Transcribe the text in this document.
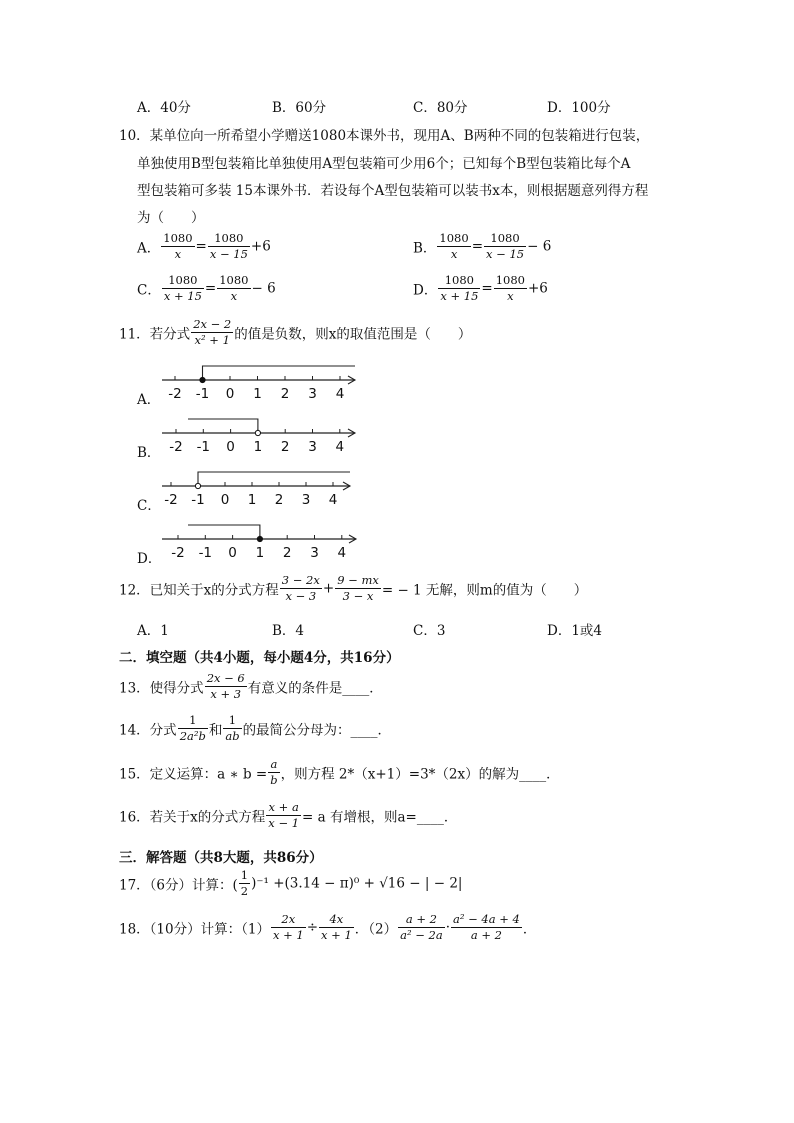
A．40分	B．60分	C．80分	D．100分
10．某单位向一所希望小学赠送1080本课外书，现用A、B两种不同的包装箱进行包装，
单独使用B型包装箱比单独使用A型包装箱可少用6个；已知每个B型包装箱比每个A
型包装箱可多装 15本课外书．若设每个A型包装箱可以装书x本，则根据题意列得方程
为（　　）
A． $\frac{1080}{x} = \frac{1080}{x - 15} +6$	B． $\frac{1080}{x} = \frac{1080}{x - 15} - 6$
C． $\frac{1080}{x + 15} = \frac{1080}{x} - 6$	D． $\frac{1080}{x + 15} = \frac{1080}{x} +6$
11．若分式 $\frac{2x - 2}{\text{x² + 1}}$ 的值是负数，则x的取值范围是（　　）
A．
B．
C．
D．
-2 -1 0 1 2 3 4
-2 -1 0 1 2 3 4
-2 -1 0 1 2 3 4
-2 -1 0 1 2 3 4
12．已知关于x的分式方程 $\frac{3 - 2x}{x - 3} + \frac{9 - mx}{3 - x}$ = − 1 无解，则m的值为（　　）
A．1	B．4	C．3	D．1或4
二．填空题（共4小题，每小题4分，共16分）
13．使得分式 $\frac{2x - 6}{x + 3}$ 有意义的条件是____．
14．分式 $\frac{1}{\text{2a²b}}$ 和 $\frac{1}{ab}$ 的最简公分母为：____．
15．定义运算：a ∗ $b = \frac{a}{b}$ ，则方程 2*（x+1）=3*（2x）的解为____．
16．若关于x的分式方程 $\frac{x + a}{x - 1} = a$ 有增根，则a=____．
三．解答题（共8大题，共86分）
17．（6分）计算：( $\frac{1}{2} )^{-1} +(3.14 - \pi)^0 + √16$ − | − 2|
18．（10分）计算：$(1) \frac{2x}{x + 1} \div \frac{4x}{x + 1}$ ．$(2) \frac{a + 2}{\text{a² − 2a}} \cdot \frac{\text{a² − 4a + 4}}{a + 2}$ ．
